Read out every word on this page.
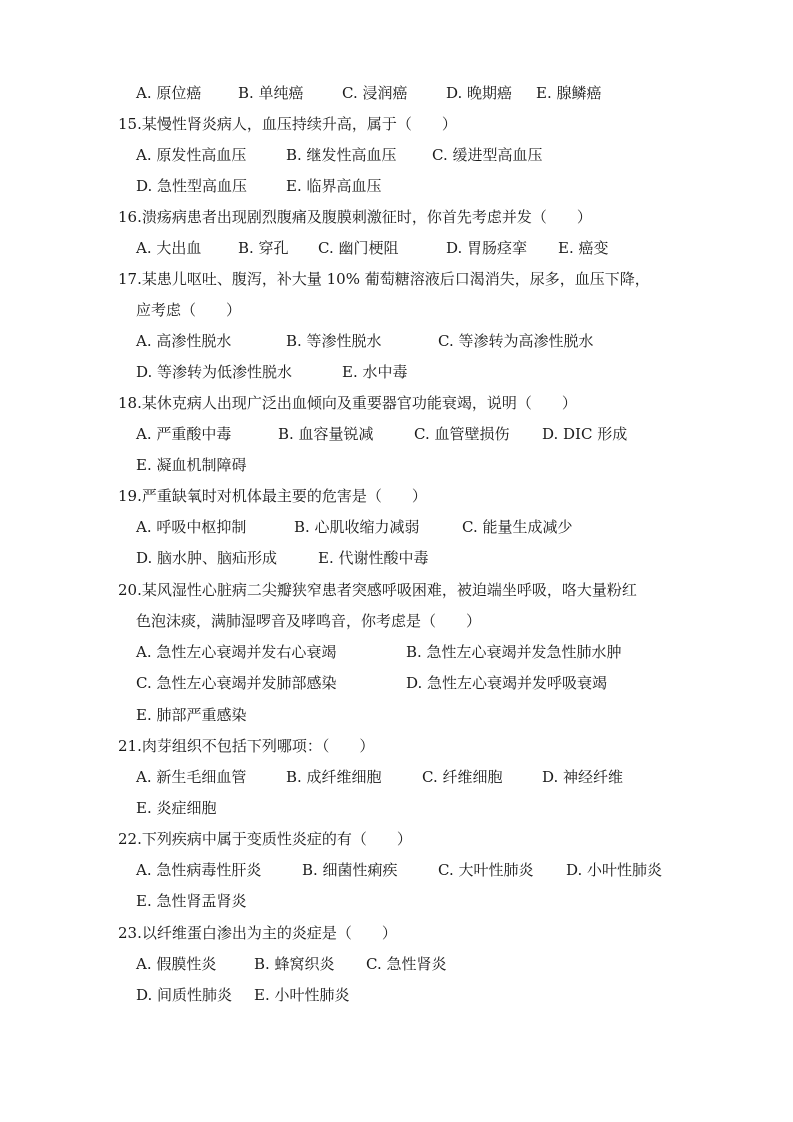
A. 原位癌 B. 单纯癌	C. 浸润癌	D. 晚期癌 E. 腺鳞癌
15.某慢性肾炎病人，血压持续升高，属于（　　）
A. 原发性高血压	B. 继发性高血压 C. 缓进型高血压
D. 急性型高血压	E. 临界高血压
16.溃疡病患者出现剧烈腹痛及腹膜刺激征时，你首先考虑并发（　　）
A. 大出血 B. 穿孔 C. 幽门梗阻	D. 胃肠痉挛 E. 癌变
17.某患儿呕吐、腹泻，补大量 10% 葡萄糖溶液后口渴消失，尿多，血压下降，
应考虑（　　）
A. 高渗性脱水	B. 等渗性脱水	C. 等渗转为高渗性脱水
D. 等渗转为低渗性脱水	E. 水中毒
18.某休克病人出现广泛出血倾向及重要器官功能衰竭，说明（　　）
A. 严重酸中毒	B. 血容量锐减	C. 血管壁损伤 D. DIC 形成
E. 凝血机制障碍
19.严重缺氧时对机体最主要的危害是（　　）
A. 呼吸中枢抑制	B. 心肌收缩力减弱	C. 能量生成减少
D. 脑水肿、脑疝形成	E. 代谢性酸中毒
20.某风湿性心脏病二尖瓣狭窄患者突感呼吸困难，被迫端坐呼吸，咯大量粉红
色泡沫痰，满肺湿啰音及哮鸣音，你考虑是（　　）
A. 急性左心衰竭并发右心衰竭	B. 急性左心衰竭并发急性肺水肿
C. 急性左心衰竭并发肺部感染	D. 急性左心衰竭并发呼吸衰竭
E. 肺部严重感染
21.肉芽组织不包括下列哪项：（　　）
A. 新生毛细血管	B. 成纤维细胞	C. 纤维细胞	D. 神经纤维
E. 炎症细胞
22.下列疾病中属于变质性炎症的有（　　）
A. 急性病毒性肝炎	B. 细菌性痢疾	C. 大叶性肺炎 D. 小叶性肺炎
E. 急性肾盂肾炎
23.以纤维蛋白渗出为主的炎症是（　　）
A. 假膜性炎	B. 蜂窝织炎 C. 急性肾炎
D. 间质性肺炎 E. 小叶性肺炎
